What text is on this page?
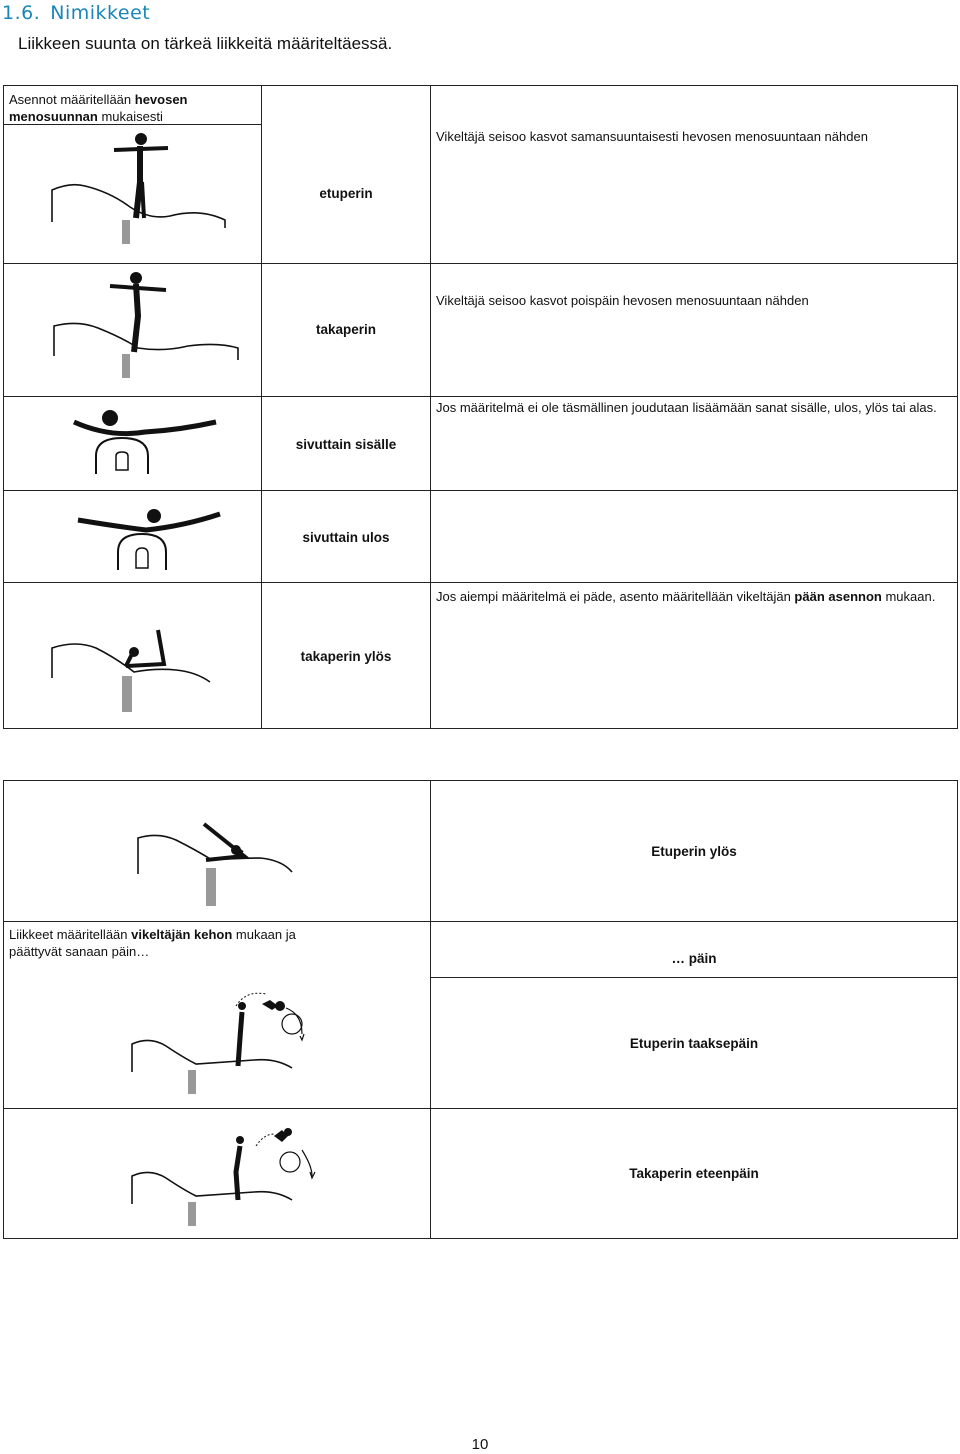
1.6. Nimikkeet
Liikkeen suunta on tärkeä liikkeitä määriteltäessä.
Asennot määritellään hevosen menosuunnan mukaisesti
Vikeltäjä seisoo kasvot samansuuntaisesti hevosen menosuuntaan nähden
etuperin
Vikeltäjä seisoo kasvot poispäin hevosen menosuuntaan nähden
takaperin
Jos määritelmä ei ole täsmällinen joudutaan lisäämään sanat sisälle, ulos, ylös tai alas.
sivuttain sisälle
sivuttain ulos
Jos aiempi määritelmä ei päde, asento määritellään vikeltäjän pään asennon mukaan.
takaperin ylös
Etuperin ylös
Liikkeet määritellään vikeltäjän kehon mukaan ja päättyvät sanaan päin…	… päin
Etuperin taaksepäin
Takaperin eteenpäin
10
